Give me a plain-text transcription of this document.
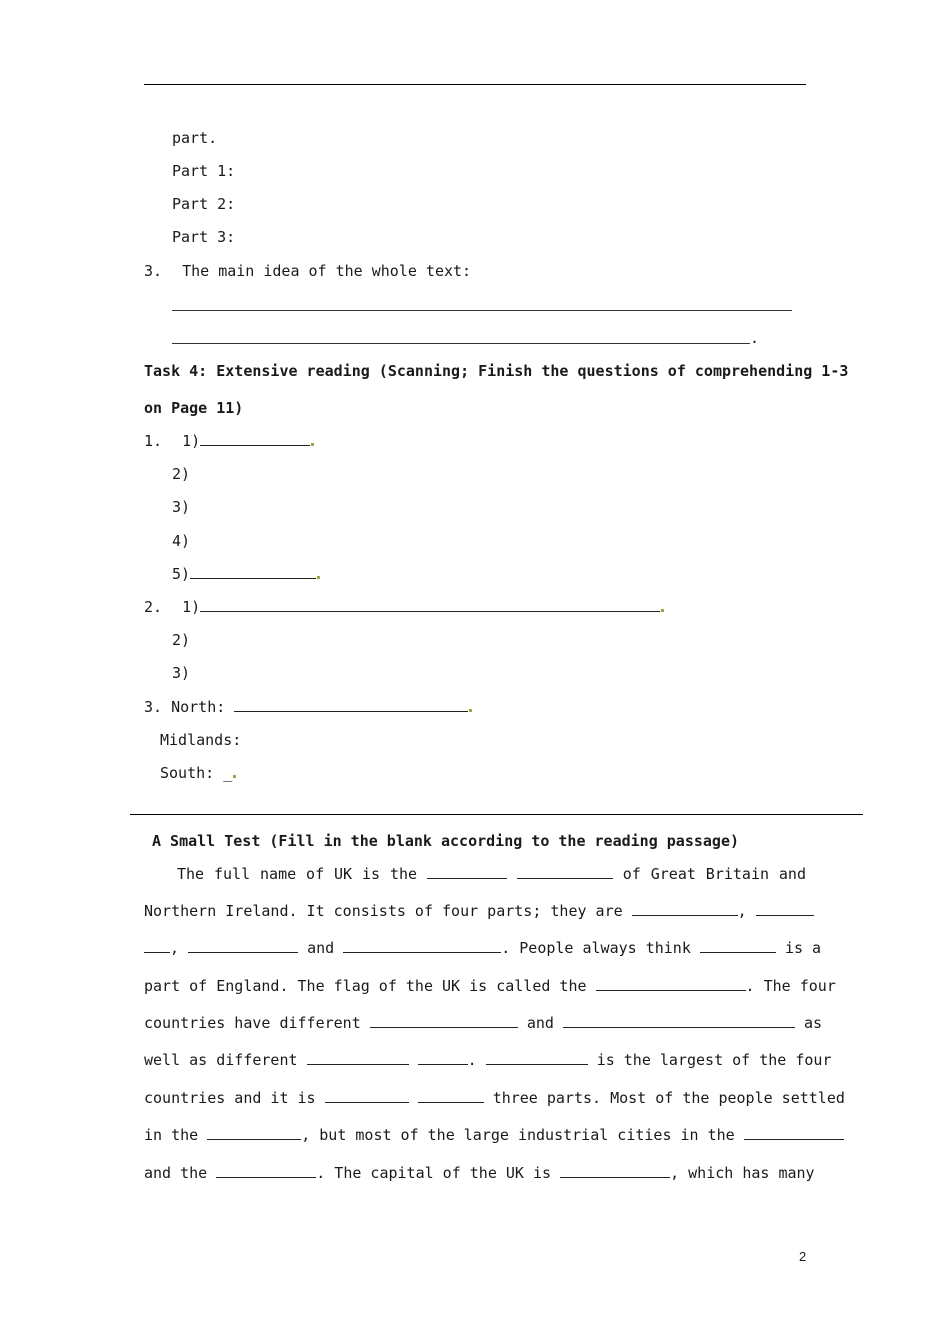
part.
Part 1:
Part 2:
Part 3:
3. The main idea of the whole text:
.
Task 4: Extensive reading (Scanning; Finish the questions of comprehending 1-3
on Page 11)
1. 1)
2)
3)
4)
5)
2. 1)
2)
3)
3. North:
Midlands:
South: _
A Small Test (Fill in the blank according to the reading passage)
The full name of UK is the	of Great Britain and
Northern Ireland. It consists of four parts; they are	,
,	and	. People always think	is a
part of England. The flag of the UK is called the	. The four
countries have different	and	as
well as different	.	is the largest of the four
countries and it is	three parts. Most of the people settled
in the	, but most of the large industrial cities in the
and the	. The capital of the UK is	, which has many
2
